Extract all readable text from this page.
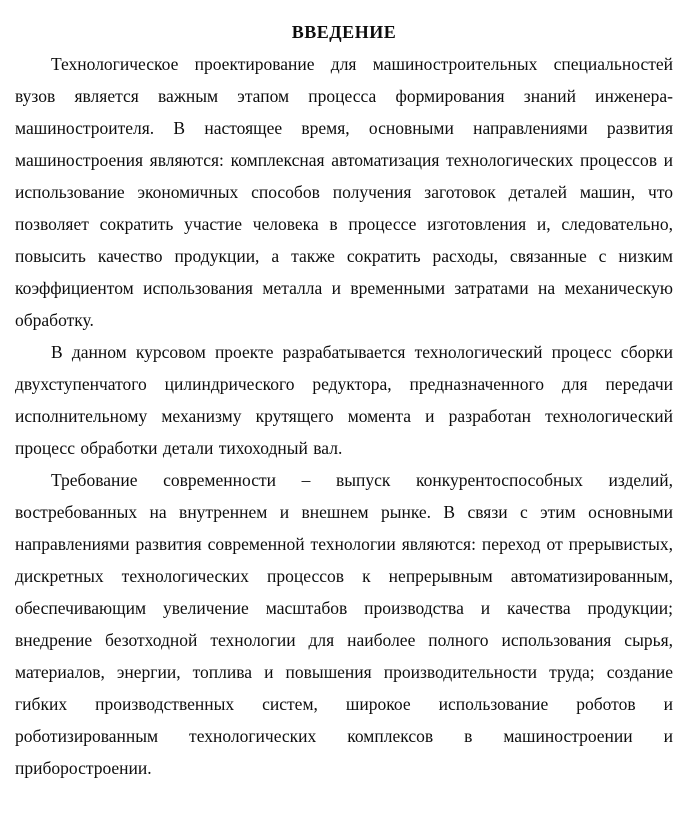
ВВЕДЕНИЕ

Технологическое проектирование для машиностроительных специальностей вузов является важным этапом процесса формирования знаний инженера-машиностроителя. В настоящее время, основными направлениями развития машиностроения являются: комплексная автоматизация технологических процессов и использование экономичных способов получения заготовок деталей машин, что позволяет сократить участие человека в процессе изготовления и, следовательно, повысить качество продукции, а также сократить расходы, связанные с низким коэффициентом использования металла и временными затратами на механическую обработку.

В данном курсовом проекте разрабатывается технологический процесс сборки двухступенчатого цилиндрического редуктора, предназначенного для передачи исполнительному механизму крутящего момента и разработан технологический процесс обработки детали тихоходный вал.

Требование современности – выпуск конкурентоспособных изделий, востребованных на внутреннем и внешнем рынке. В связи с этим основными направлениями развития современной технологии являются: переход от прерывистых, дискретных технологических процессов к непрерывным автоматизированным, обеспечивающим увеличение масштабов производства и качества продукции; внедрение безотходной технологии для наиболее полного использования сырья, материалов, энергии, топлива и повышения производительности труда; создание гибких производственных систем, широкое использование роботов и роботизированным технологических комплексов в машиностроении и приборостроении.
